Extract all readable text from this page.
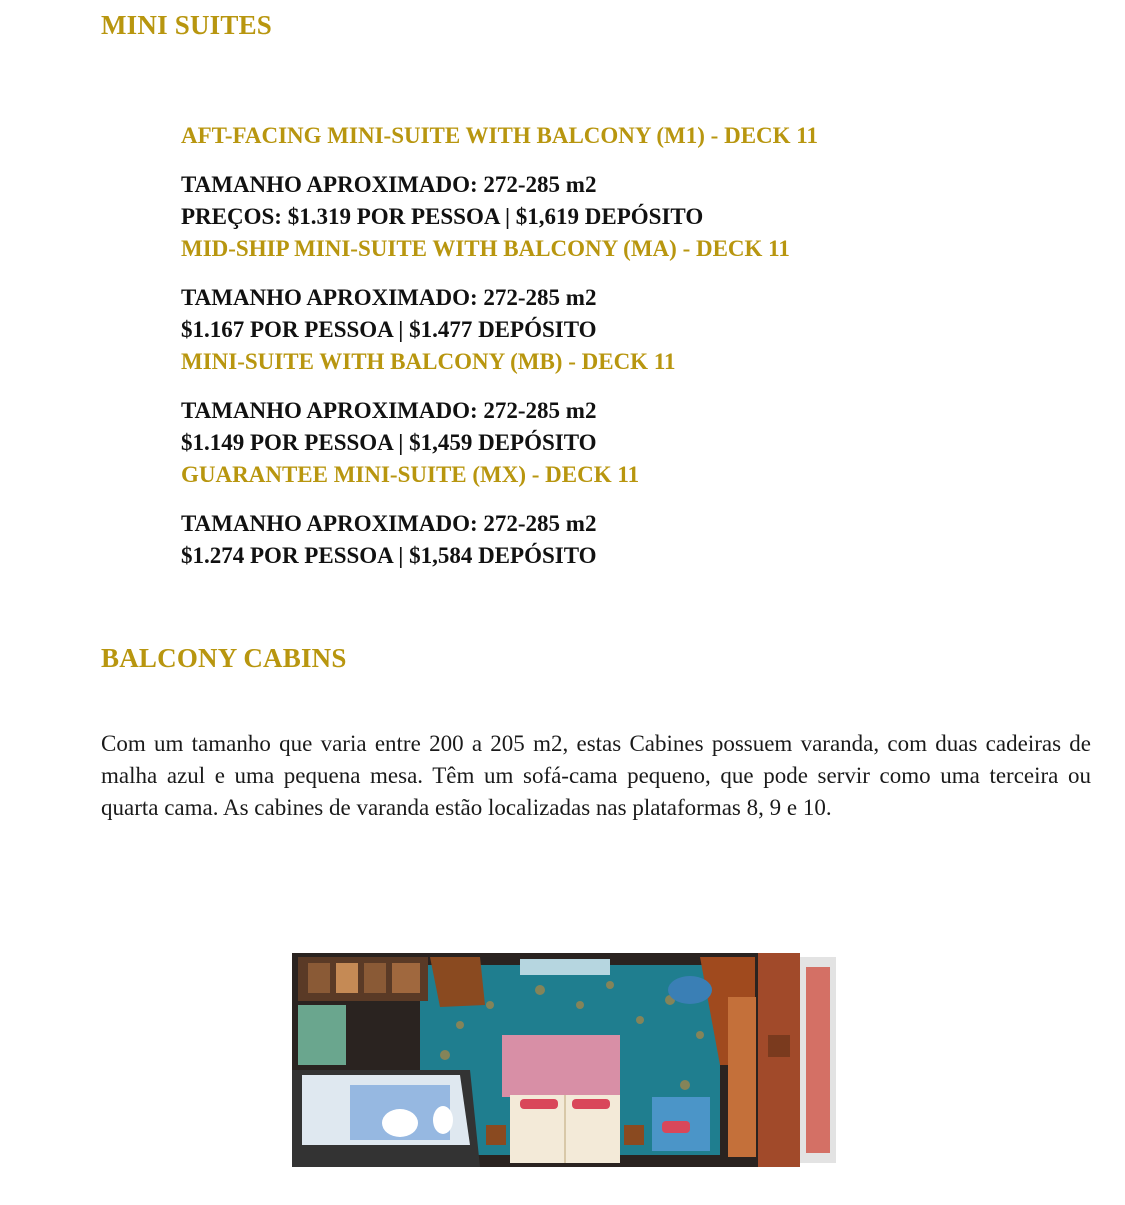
MINI SUITES
AFT-FACING MINI-SUITE WITH BALCONY (M1) - DECK 11
TAMANHO APROXIMADO: 272-285 m2
PREÇOS: $1.319 POR PESSOA | $1,619 DEPÓSITO
MID-SHIP MINI-SUITE WITH BALCONY (MA) - DECK 11
TAMANHO APROXIMADO: 272-285 m2
$1.167 POR PESSOA | $1.477 DEPÓSITO
MINI-SUITE WITH BALCONY (MB) - DECK 11
TAMANHO APROXIMADO: 272-285 m2
$1.149 POR PESSOA | $1,459 DEPÓSITO
GUARANTEE MINI-SUITE (MX) - DECK 11
TAMANHO APROXIMADO: 272-285 m2
$1.274 POR PESSOA | $1,584 DEPÓSITO
BALCONY CABINS

Com um tamanho que varia entre 200 a 205 m2, estas Cabines possuem varanda, com duas cadeiras de malha azul e uma pequena mesa. Têm um sofá-cama pequeno, que pode servir como uma terceira ou quarta cama. As cabines de varanda estão localizadas nas plataformas 8, 9 e 10.
